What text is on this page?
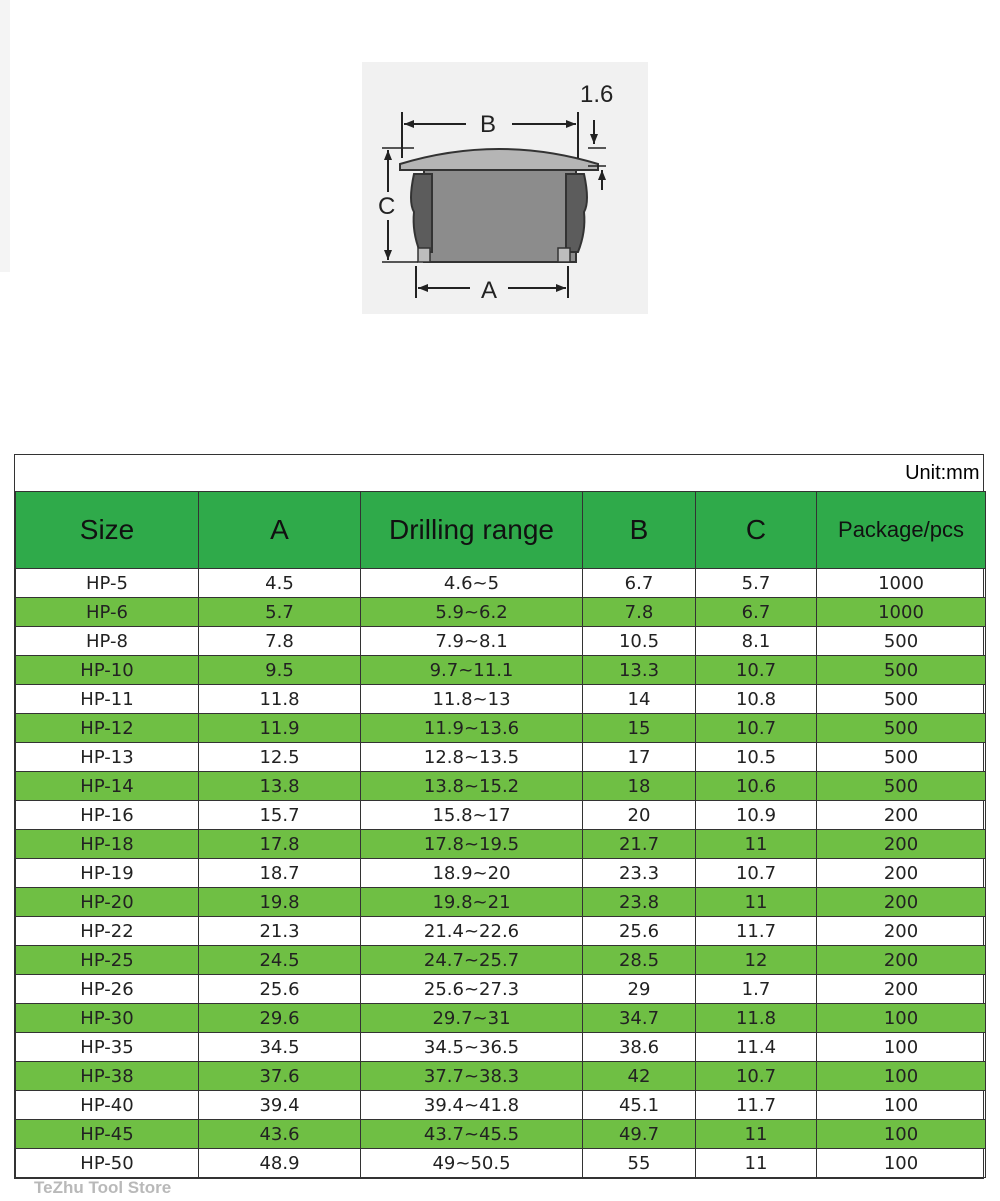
B
1.6
C
A
Unit:mm					
Size	A	Drilling range	B	C	Package/pcs
HP-5	4.5	4.6~5	6.7	5.7	1000
HP-6	5.7	5.9~6.2	7.8	6.7	1000
HP-8	7.8	7.9~8.1	10.5	8.1	500
HP-10	9.5	9.7~11.1	13.3	10.7	500
HP-11	11.8	11.8~13	14	10.8	500
HP-12	11.9	11.9~13.6	15	10.7	500
HP-13	12.5	12.8~13.5	17	10.5	500
HP-14	13.8	13.8~15.2	18	10.6	500
HP-16	15.7	15.8~17	20	10.9	200
HP-18	17.8	17.8~19.5	21.7	11	200
HP-19	18.7	18.9~20	23.3	10.7	200
HP-20	19.8	19.8~21	23.8	11	200
HP-22	21.3	21.4~22.6	25.6	11.7	200
HP-25	24.5	24.7~25.7	28.5	12	200
HP-26	25.6	25.6~27.3	29	1.7	200
HP-30	29.6	29.7~31	34.7	11.8	100
HP-35	34.5	34.5~36.5	38.6	11.4	100
HP-38	37.6	37.7~38.3	42	10.7	100
HP-40	39.4	39.4~41.8	45.1	11.7	100
HP-45	43.6	43.7~45.5	49.7	11	100
HP-50	48.9	49~50.5	55	11	100
TeZhu Tool Store
